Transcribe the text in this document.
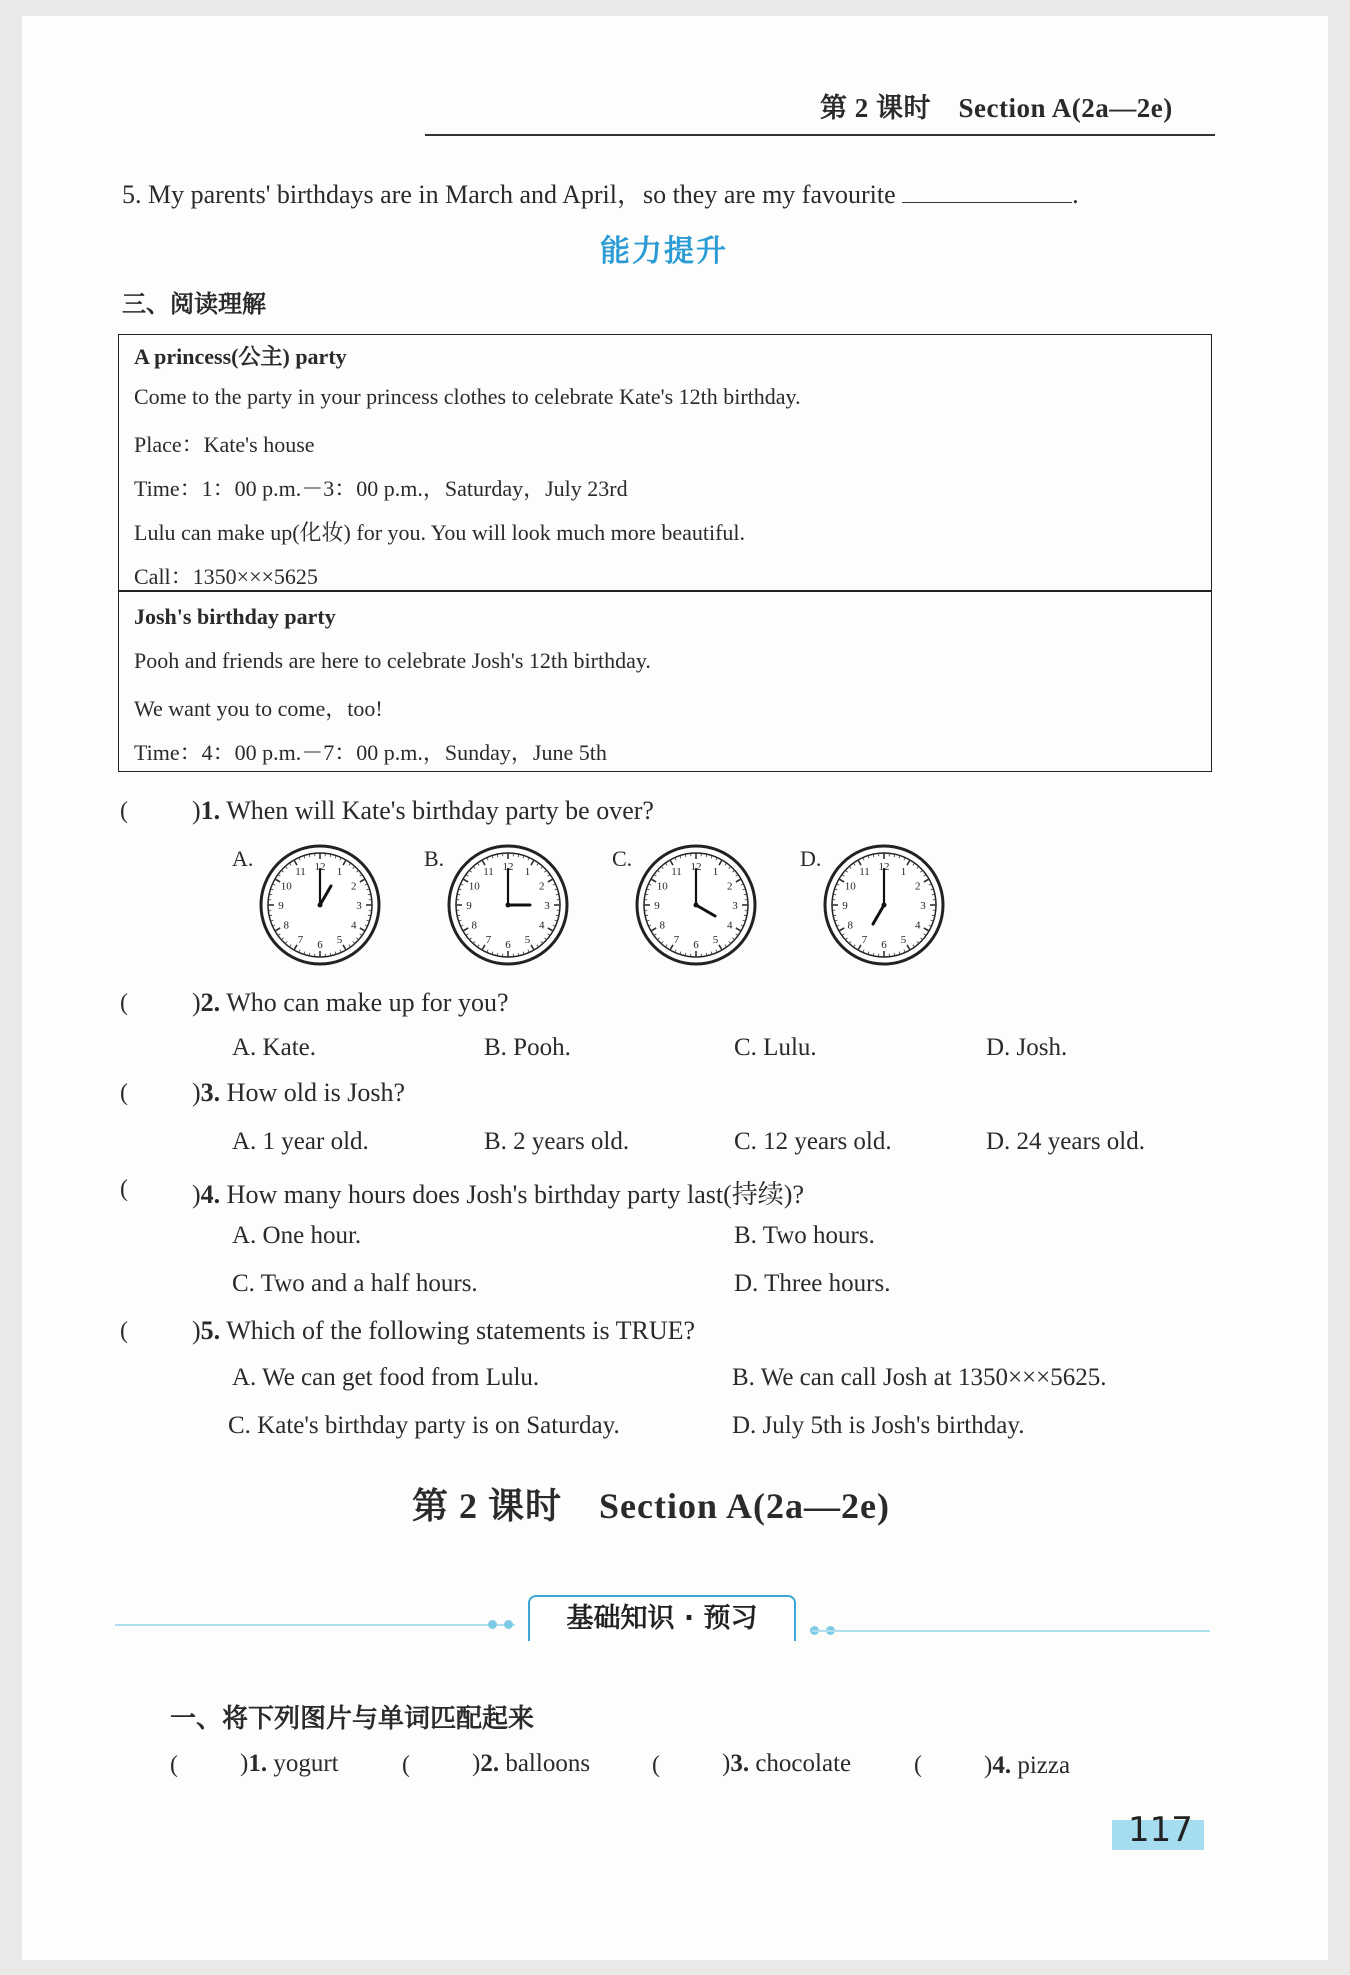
第 2 课时　Section A(2a—2e)
5. My parents' birthdays are in March and April，so they are my favourite	.
能力提升
三、阅读理解
A princess(公主) party
Come to the party in your princess clothes to celebrate Kate's 12th birthday.
Place：Kate's house
Time：1：00 p.m.－3：00 p.m.，Saturday，July 23rd
Lulu can make up(化妆) for you. You will look much more beautiful.
Call：1350×××5625
Josh's birthday party
Pooh and friends are here to celebrate Josh's 12th birthday.
We want you to come，too!
Time：4：00 p.m.－7：00 p.m.，Sunday，June 5th
( )1. When will Kate's birthday party be over?
A.
1
2
3
4
5
6
7
8
9
10
11 12	B.
1
2
3
4
5
6
7
8
9
10
11 12	C.
1
2
3
4
5
6
7
8
9
10
11 12	D.
1
2
3
4
5
6
7
8
9
10
11 12
( )2. Who can make up for you?
A. Kate.	B. Pooh.	C. Lulu.	D. Josh.
( )3. How old is Josh?
A. 1 year old.	B. 2 years old.	C. 12 years old.	D. 24 years old.
( )4. How many hours does Josh's birthday party last(持续)?
A. One hour.	B. Two hours.
C. Two and a half hours.	D. Three hours.
( )5. Which of the following statements is TRUE?
A. We can get food from Lulu.	B. We can call Josh at 1350×××5625.
C. Kate's birthday party is on Saturday.	D. July 5th is Josh's birthday.
第 2 课时　Section A(2a—2e)
基础知识 · 预习
一、将下列图片与单词匹配起来
( )1. yogurt	( )2. balloons	( )3. chocolate	( )4. pizza
117
